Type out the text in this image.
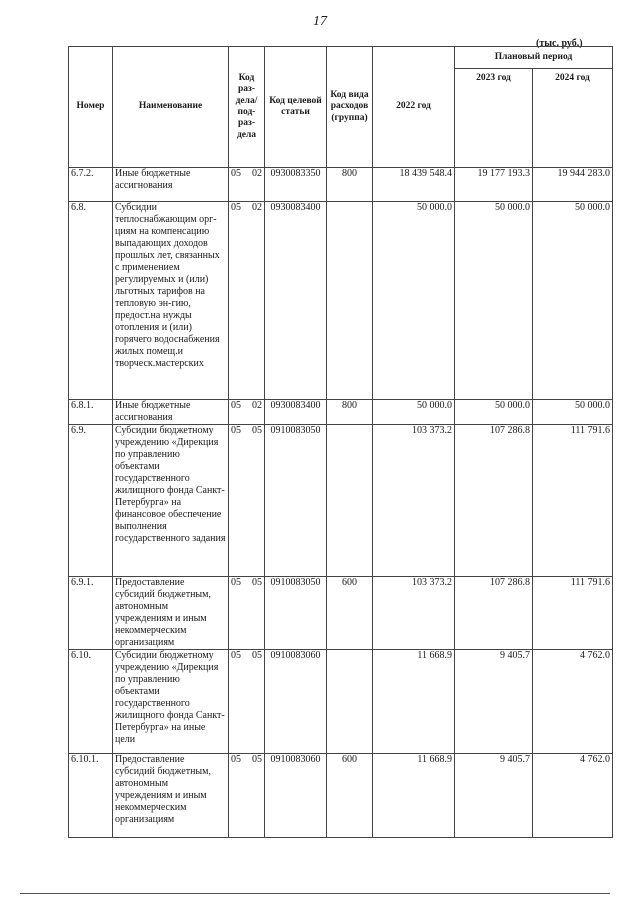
17
(тыс. руб.)
Номер	Наименование	Код раз-дела/ под-раз-дела	Код целевой статьи	Код вида расходов (группа)	2022 год	Плановый период	
						2023 год	2024 год
6.7.2.	Иные бюджетные ассигнования	05 02	0930083350	800	18 439 548.4	19 177 193.3	19 944 283.0
6.8.	Субсидии теплоснабжающим орг-циям на компенсацию выпадающих доходов прошлых лет, связанных с применением регулируемых и (или) льготных тарифов на тепловую эн-гию, предост.на нужды отопления и (или) горячего водоснабжения жилых помещ.и творческ.мастерских	05 02	0930083400		50 000.0	50 000.0	50 000.0
6.8.1.	Иные бюджетные ассигнования	05 02	0930083400	800	50 000.0	50 000.0	50 000.0
6.9.	Субсидии бюджетному учреждению «Дирекция по управлению объектами государственного жилищного фонда Санкт-Петербурга» на финансовое обеспечение выполнения государственного задания	05 05	0910083050		103 373.2	107 286.8	111 791.6
6.9.1.	Предоставление субсидий бюджетным, автономным учреждениям и иным некоммерческим организациям	05 05	0910083050	600	103 373.2	107 286.8	111 791.6
6.10.	Субсидии бюджетному учреждению «Дирекция по управлению объектами государственного жилищного фонда Санкт-Петербурга» на иные цели	05 05	0910083060		11 668.9	9 405.7	4 762.0
6.10.1.	Предоставление субсидий бюджетным, автономным учреждениям и иным некоммерческим организациям	05 05	0910083060	600	11 668.9	9 405.7	4 762.0
